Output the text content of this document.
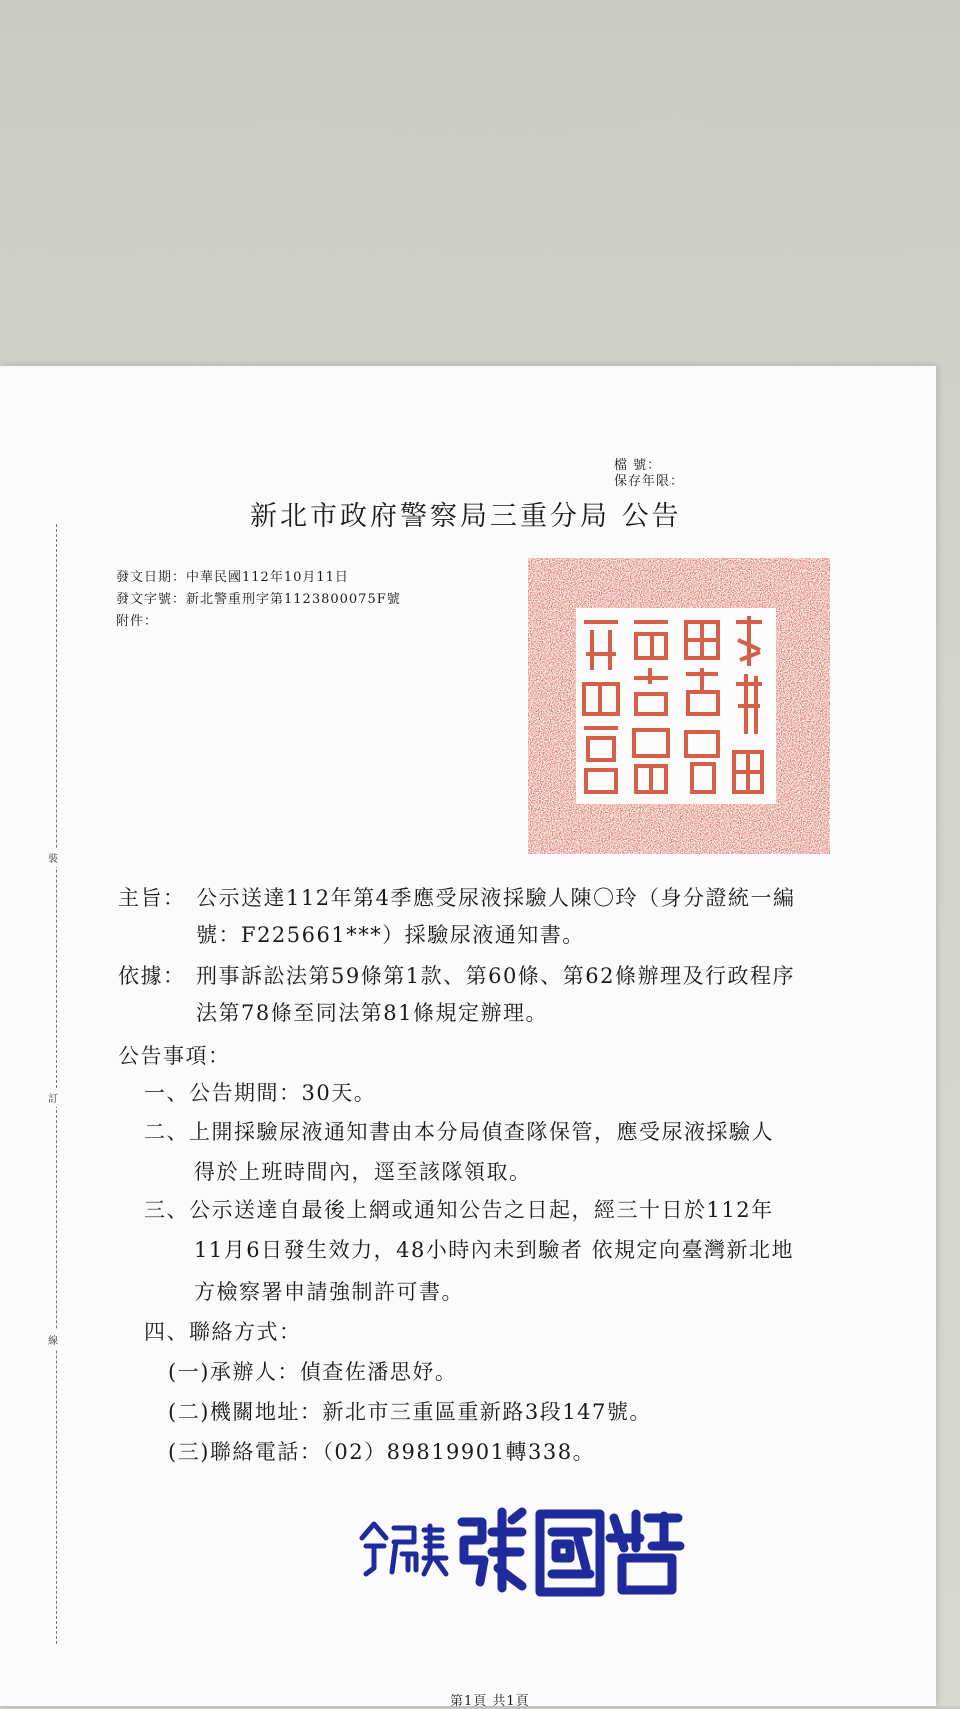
裝
訂
線
檔 號：
保存年限：
新北市政府警察局三重分局 公告
發文日期：中華民國112年10月11日
發文字號：新北警重刑字第1123800075F號
附件：
主旨： 公示送達112年第4季應受尿液採驗人陳〇玲（身分證統一編
號：F225661***）採驗尿液通知書。
依據： 刑事訴訟法第59條第1款、第60條、第62條辦理及行政程序
法第78條至同法第81條規定辦理。
公告事項：
一、公告期間：30天。
二、上開採驗尿液通知書由本分局偵查隊保管，應受尿液採驗人
得於上班時間內，逕至該隊領取。
三、公示送達自最後上網或通知公告之日起，經三十日於112年
11月6日發生效力，48小時內未到驗者 依規定向臺灣新北地
方檢察署申請強制許可書。
四、聯絡方式：
(一)承辦人：偵查佐潘思妤。
(二)機關地址：新北市三重區重新路3段147號。
(三)聯絡電話：（02）89819901轉338。
第1頁 共1頁
